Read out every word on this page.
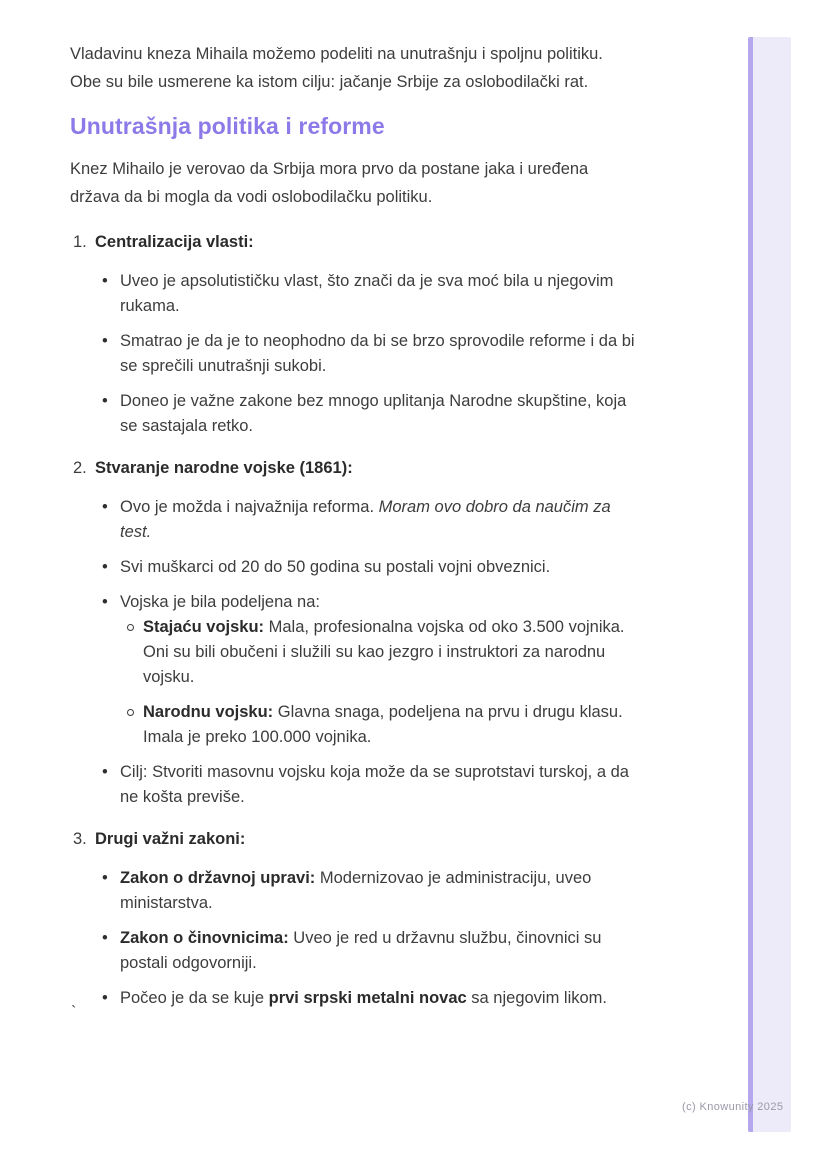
Vladavinu kneza Mihaila možemo podeliti na unutrašnju i spoljnu politiku. Obe su bile usmerene ka istom cilju: jačanje Srbije za oslobodilački rat.

Unutrašnja politika i reforme

Knez Mihailo je verovao da Srbija mora prvo da postane jaka i uređena država da bi mogla da vodi oslobodilačku politiku.

1. Centralizacija vlasti:
• Uveo je apsolutističku vlast, što znači da je sva moć bila u njegovim rukama.
• Smatrao je da je to neophodno da bi se brzo sprovodile reforme i da bi se sprečili unutrašnji sukobi.
• Doneo je važne zakone bez mnogo uplitanja Narodne skupštine, koja se sastajala retko.
2. Stvaranje narodne vojske (1861):
• Ovo je možda i najvažnija reforma. Moram ovo dobro da naučim za test.
• Svi muškarci od 20 do 50 godina su postali vojni obveznici.
• Vojska je bila podeljena na:
Stajaću vojsku: Mala, profesionalna vojska od oko 3.500 vojnika. Oni su bili obučeni i služili su kao jezgro i instruktori za narodnu vojsku.
Narodnu vojsku: Glavna snaga, podeljena na prvu i drugu klasu. Imala je preko 100.000 vojnika.
• Cilj: Stvoriti masovnu vojsku koja može da se suprotstavi turskoj, a da ne košta previše.
3. Drugi važni zakoni:
• Zakon o državnoj upravi: Modernizovao je administraciju, uveo ministarstva.
• Zakon o činovnicima: Uveo je red u državnu službu, činovnici su postali odgovorniji.
• Počeo je da se kuje prvi srpski metalni novac sa njegovim likom.
`
(c) Knowunity 2025
